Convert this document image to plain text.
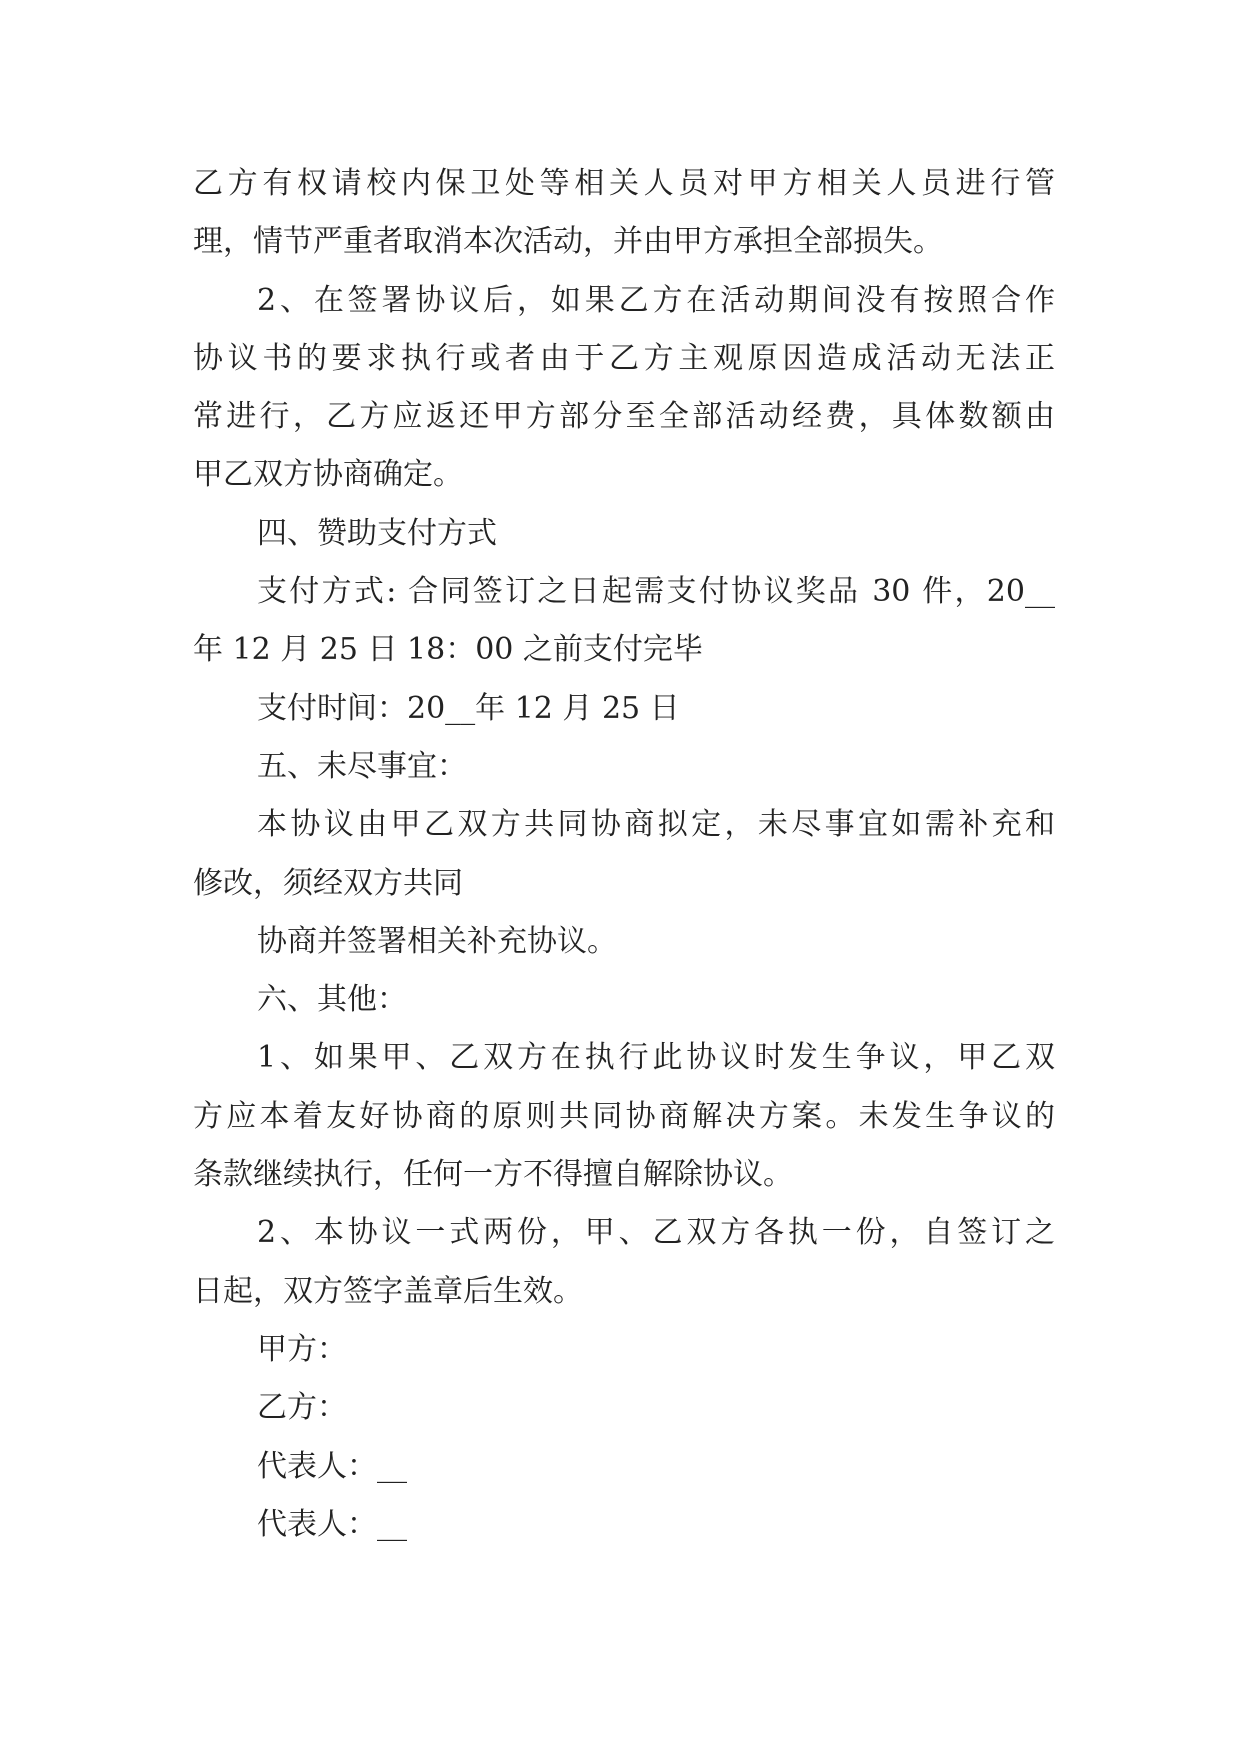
乙方有权请校内保卫处等相关人员对甲方相关人员进行管
理，情节严重者取消本次活动，并由甲方承担全部损失。
2、在签署协议后，如果乙方在活动期间没有按照合作
协议书的要求执行或者由于乙方主观原因造成活动无法正
常进行，乙方应返还甲方部分至全部活动经费，具体数额由
甲乙双方协商确定。
四、赞助支付方式
支付方式: 合同签订之日起需支付协议奖品 30 件，20__
年 12 月 25 日 18：00 之前支付完毕
支付时间：20__年 12 月 25 日
五、未尽事宜：
本协议由甲乙双方共同协商拟定，未尽事宜如需补充和
修改，须经双方共同
协商并签署相关补充协议。
六、其他：
1、如果甲、乙双方在执行此协议时发生争议，甲乙双
方应本着友好协商的原则共同协商解决方案。未发生争议的
条款继续执行，任何一方不得擅自解除协议。
2、本协议一式两份，甲、乙双方各执一份，自签订之
日起，双方签字盖章后生效。
甲方：
乙方：
代表人：__
代表人：__
